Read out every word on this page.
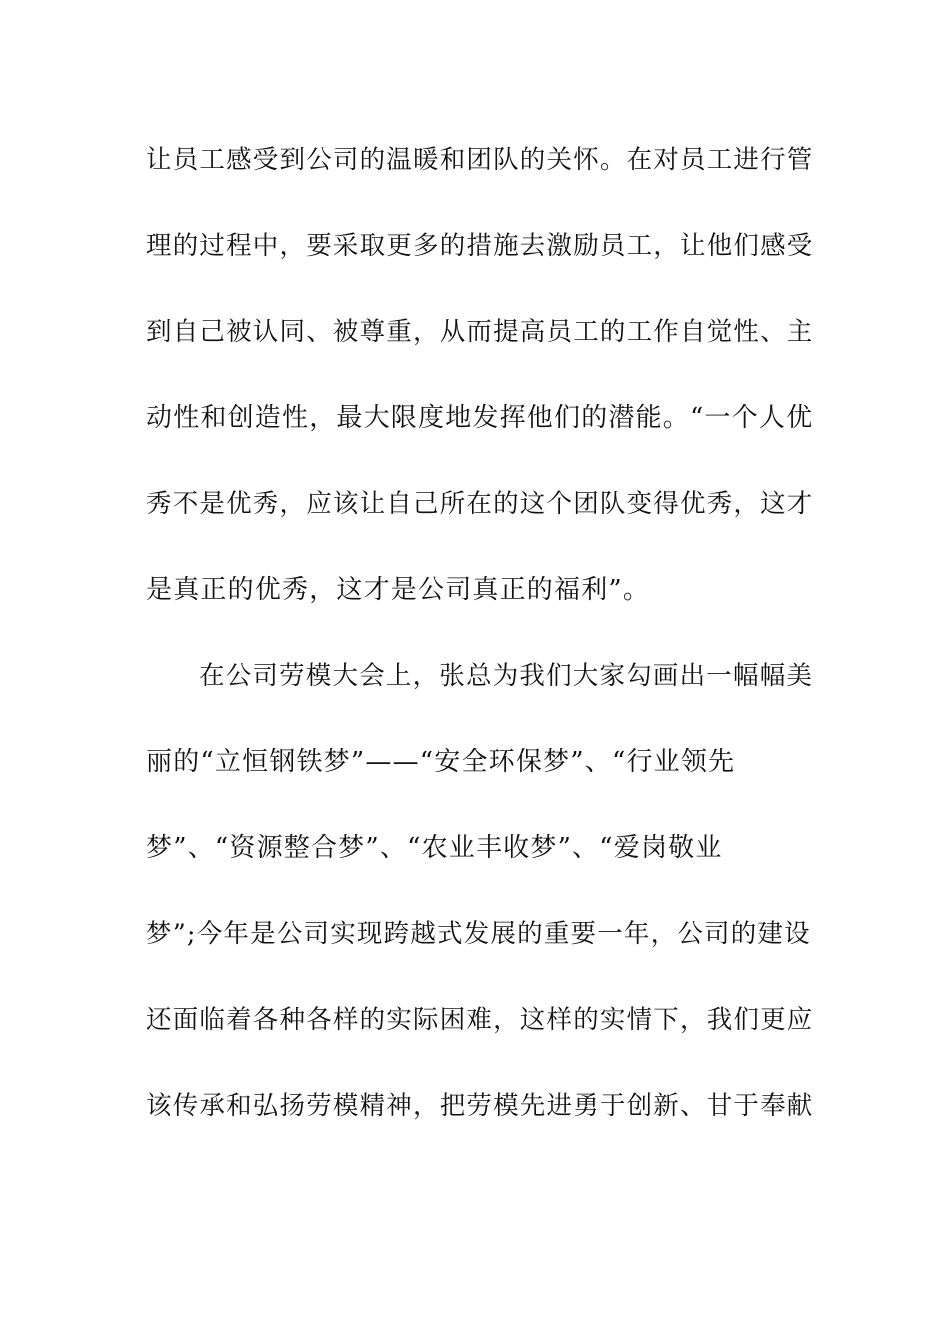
让员工感受到公司的温暖和团队的关怀。在对员工进行管
理的过程中，要采取更多的措施去激励员工，让他们感受
到自己被认同、被尊重，从而提高员工的工作自觉性、主
动性和创造性，最大限度地发挥他们的潜能。“一个人优
秀不是优秀，应该让自己所在的这个团队变得优秀，这才
是真正的优秀，这才是公司真正的福利”。
在公司劳模大会上，张总为我们大家勾画出一幅幅美
丽的“立恒钢铁梦”——“安全环保梦”、“行业领先
梦”、“资源整合梦”、“农业丰收梦”、“爱岗敬业
梦”;今年是公司实现跨越式发展的重要一年，公司的建设
还面临着各种各样的实际困难，这样的实情下，我们更应
该传承和弘扬劳模精神，把劳模先进勇于创新、甘于奉献
